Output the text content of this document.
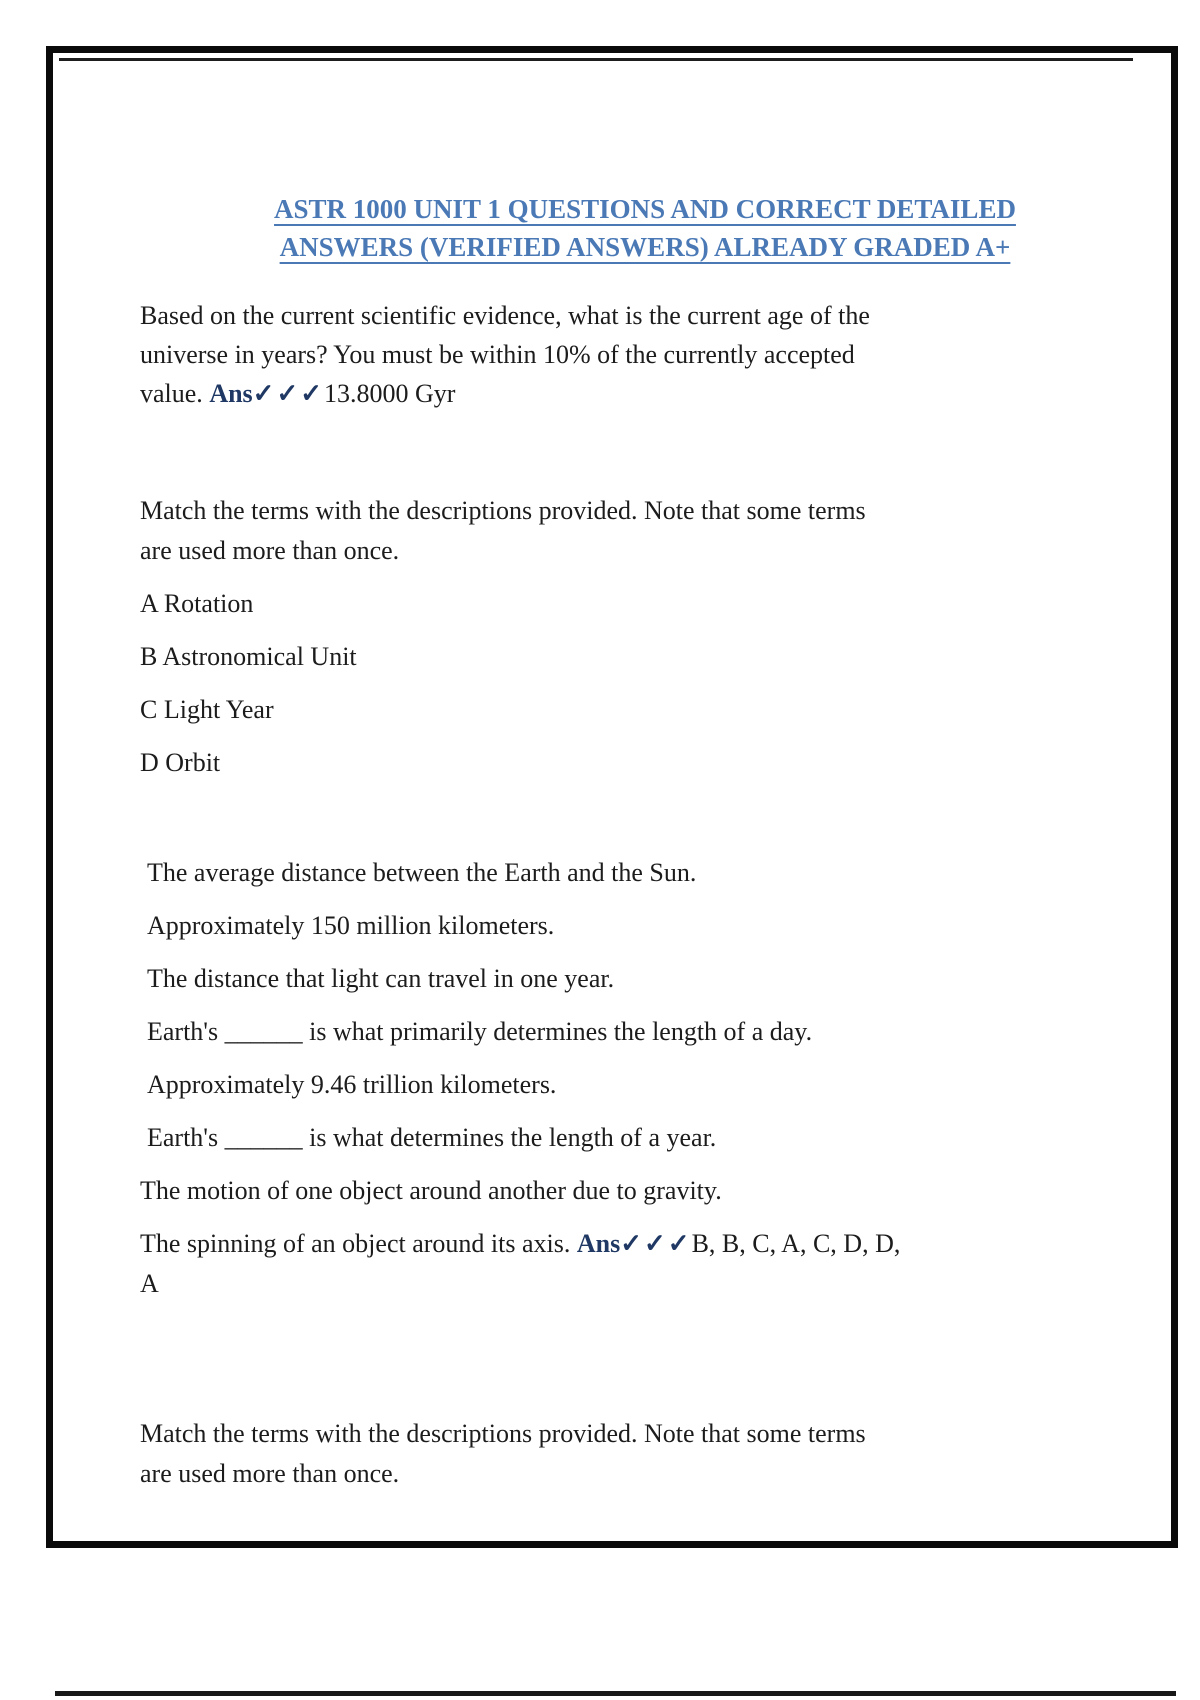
ASTR 1000 UNIT 1 QUESTIONS AND CORRECT DETAILED
ANSWERS (VERIFIED ANSWERS) ALREADY GRADED A+
Based on the current scientific evidence, what is the current age of the
universe in years? You must be within 10% of the currently accepted
value. Ans✓✓✓13.8000 Gyr
Match the terms with the descriptions provided. Note that some terms
are used more than once.
A Rotation
B Astronomical Unit
C Light Year
D Orbit
The average distance between the Earth and the Sun.
Approximately 150 million kilometers.
The distance that light can travel in one year.
Earth's ______ is what primarily determines the length of a day.
Approximately 9.46 trillion kilometers.
Earth's ______ is what determines the length of a year.
The motion of one object around another due to gravity.
The spinning of an object around its axis. Ans✓✓✓B, B, C, A, C, D, D,
A
Match the terms with the descriptions provided. Note that some terms
are used more than once.
